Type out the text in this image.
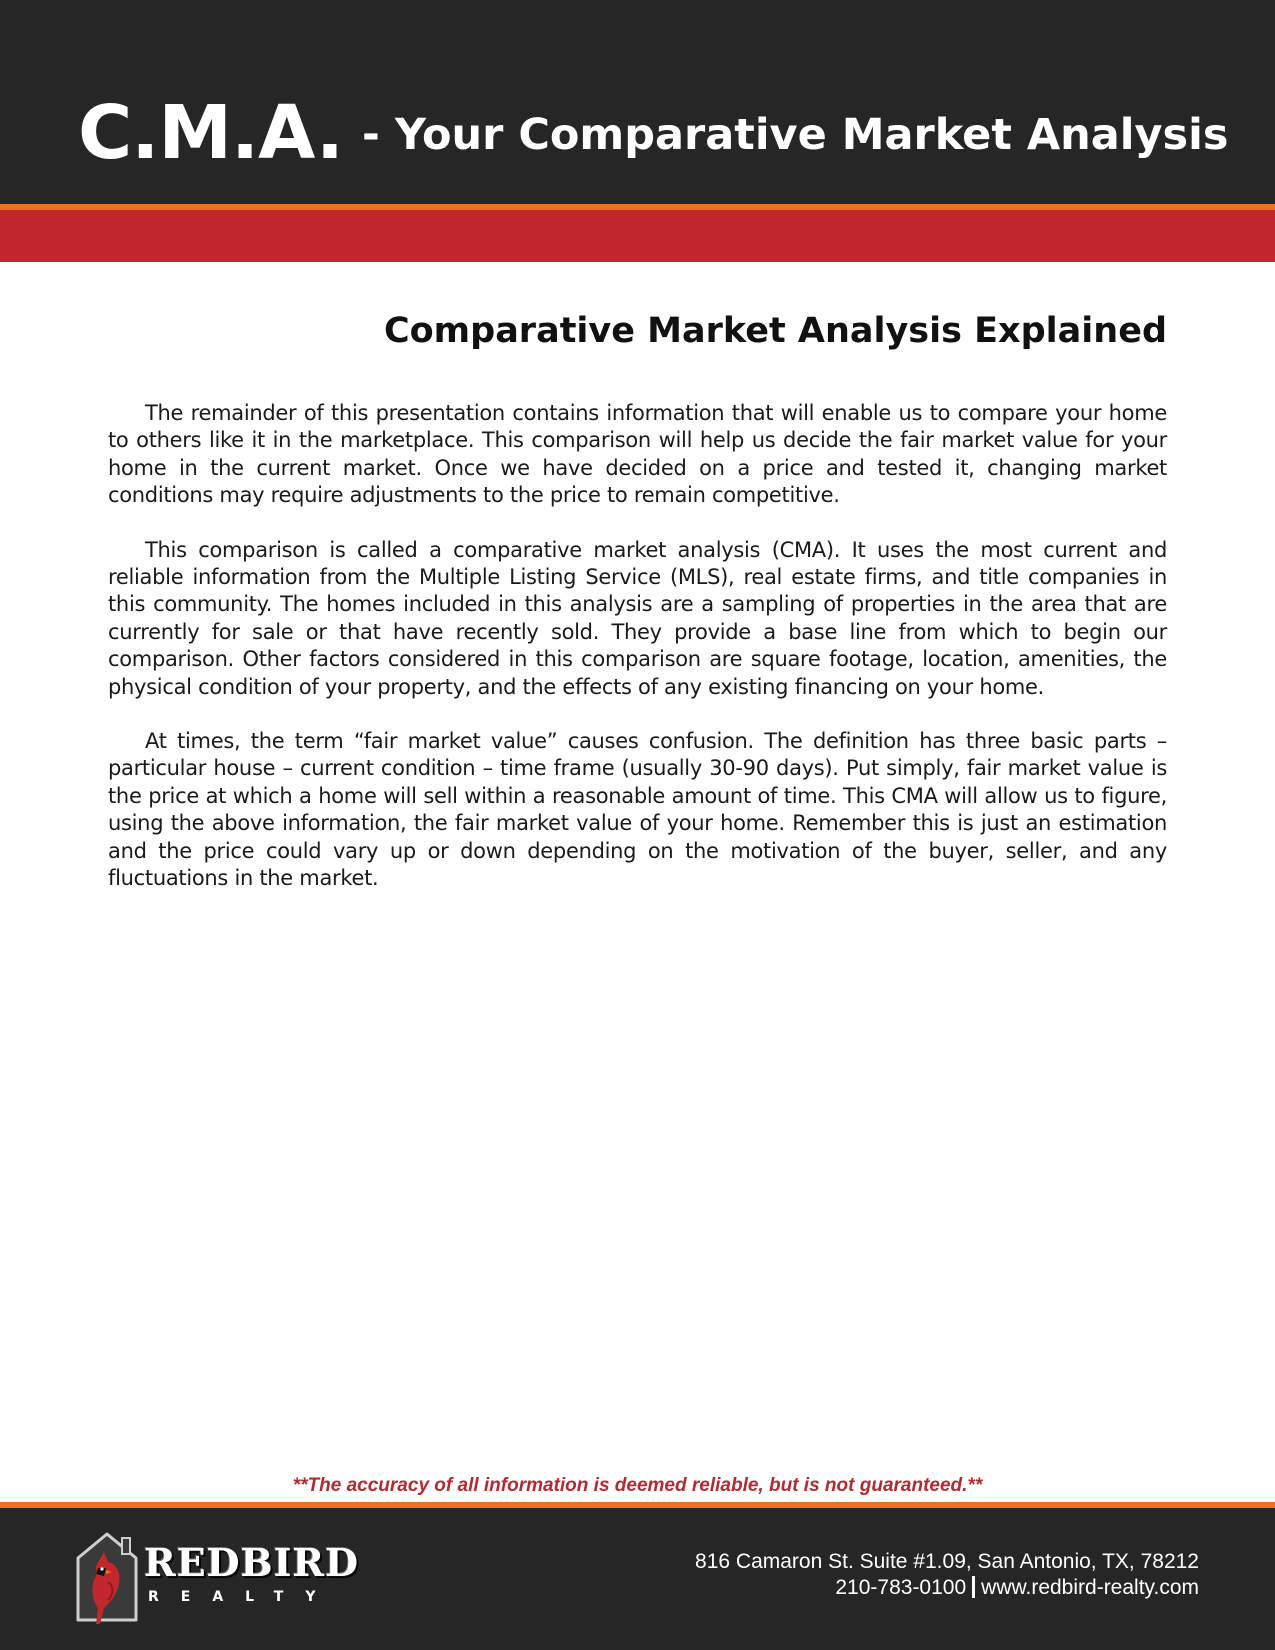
C.M.A. - Your Comparative Market Analysis
Comparative Market Analysis Explained

The remainder of this presentation contains information that will enable us to compare your home to others like it in the marketplace. This comparison will help us decide the fair market value for your home in the current market. Once we have decided on a price and tested it, changing market conditions may require adjustments to the price to remain competitive.

This comparison is called a comparative market analysis (CMA). It uses the most current and reliable information from the Multiple Listing Service (MLS), real estate firms, and title companies in this community. The homes included in this analysis are a sampling of properties in the area that are currently for sale or that have recently sold. They provide a base line from which to begin our comparison. Other factors considered in this comparison are square footage, location, amenities, the physical condition of your property, and the effects of any existing financing on your home.

At times, the term “fair market value” causes confusion. The definition has three basic parts – particular house – current condition – time frame (usually 30-90 days). Put simply, fair market value is the price at which a home will sell within a reasonable amount of time. This CMA will allow us to figure, using the above information, the fair market value of your home. Remember this is just an estimation and the price could vary up or down depending on the motivation of the buyer, seller, and any fluctuations in the market.

**The accuracy of all information is deemed reliable, but is not guaranteed.**
REDBIRD
REALTY
816 Camaron St. Suite #1.09, San Antonio, TX, 78212
210-783-0100 www.redbird-realty.com
